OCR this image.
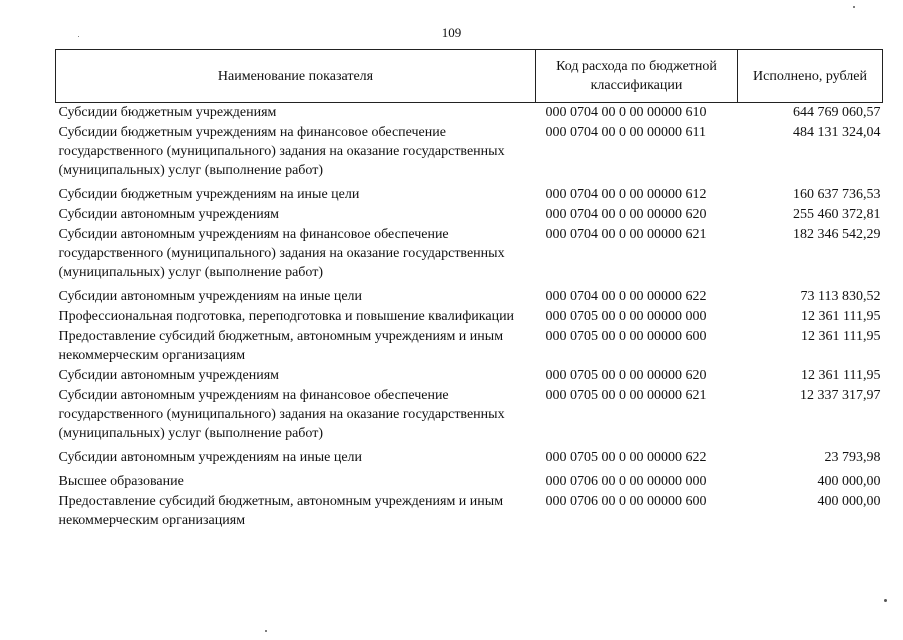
109
Наименование показателя	Код расхода по бюджетной классификации	Исполнено, рублей
Субсидии бюджетным учреждениям	000 0704 00 0 00 00000 610	644 769 060,57
Субсидии бюджетным учреждениям на финансовое обеспечение государственного (муниципального) задания на оказание государственных (муниципальных) услуг (выполнение работ)	000 0704 00 0 00 00000 611	484 131 324,04
Субсидии бюджетным учреждениям на иные цели	000 0704 00 0 00 00000 612	160 637 736,53
Субсидии автономным учреждениям	000 0704 00 0 00 00000 620	255 460 372,81
Субсидии автономным учреждениям на финансовое обеспечение государственного (муниципального) задания на оказание государственных (муниципальных) услуг (выполнение работ)	000 0704 00 0 00 00000 621	182 346 542,29
Субсидии автономным учреждениям на иные цели	000 0704 00 0 00 00000 622	73 113 830,52
Профессиональная подготовка, переподготовка и повышение квалификации	000 0705 00 0 00 00000 000	12 361 111,95
Предоставление субсидий бюджетным, автономным учреждениям и иным некоммерческим организациям	000 0705 00 0 00 00000 600	12 361 111,95
Субсидии автономным учреждениям	000 0705 00 0 00 00000 620	12 361 111,95
Субсидии автономным учреждениям на финансовое обеспечение государственного (муниципального) задания на оказание государственных (муниципальных) услуг (выполнение работ)	000 0705 00 0 00 00000 621	12 337 317,97
Субсидии автономным учреждениям на иные цели	000 0705 00 0 00 00000 622	23 793,98
Высшее образование	000 0706 00 0 00 00000 000	400 000,00
Предоставление субсидий бюджетным, автономным учреждениям и иным некоммерческим организациям	000 0706 00 0 00 00000 600	400 000,00
